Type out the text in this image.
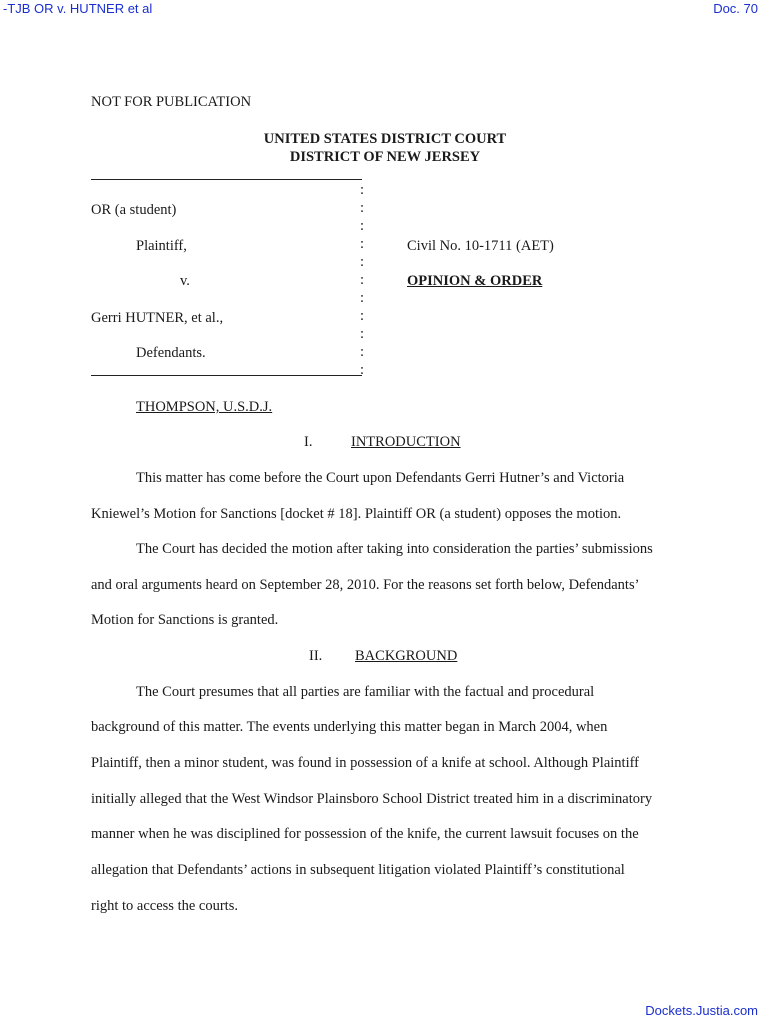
-TJB OR v. HUTNER et al	Doc. 70
NOT FOR PUBLICATION
UNITED STATES DISTRICT COURT
DISTRICT OF NEW JERSEY
:
:
:
:
:
:
:
:
:
:
:
OR (a student)
Plaintiff,
v.
Gerri HUTNER, et al.,
Defendants.
Civil No. 10-1711 (AET)
OPINION & ORDER
THOMPSON, U.S.D.J.
I.	INTRODUCTION
This matter has come before the Court upon Defendants Gerri Hutner’s and Victoria
Kniewel’s Motion for Sanctions [docket # 18]. Plaintiff OR (a student) opposes the motion.
The Court has decided the motion after taking into consideration the parties’ submissions
and oral arguments heard on September 28, 2010. For the reasons set forth below, Defendants’
Motion for Sanctions is granted.
II. BACKGROUND
The Court presumes that all parties are familiar with the factual and procedural
background of this matter. The events underlying this matter began in March 2004, when
Plaintiff, then a minor student, was found in possession of a knife at school. Although Plaintiff
initially alleged that the West Windsor Plainsboro School District treated him in a discriminatory
manner when he was disciplined for possession of the knife, the current lawsuit focuses on the
allegation that Defendants’ actions in subsequent litigation violated Plaintiff’s constitutional
right to access the courts.
Dockets.Justia.com
